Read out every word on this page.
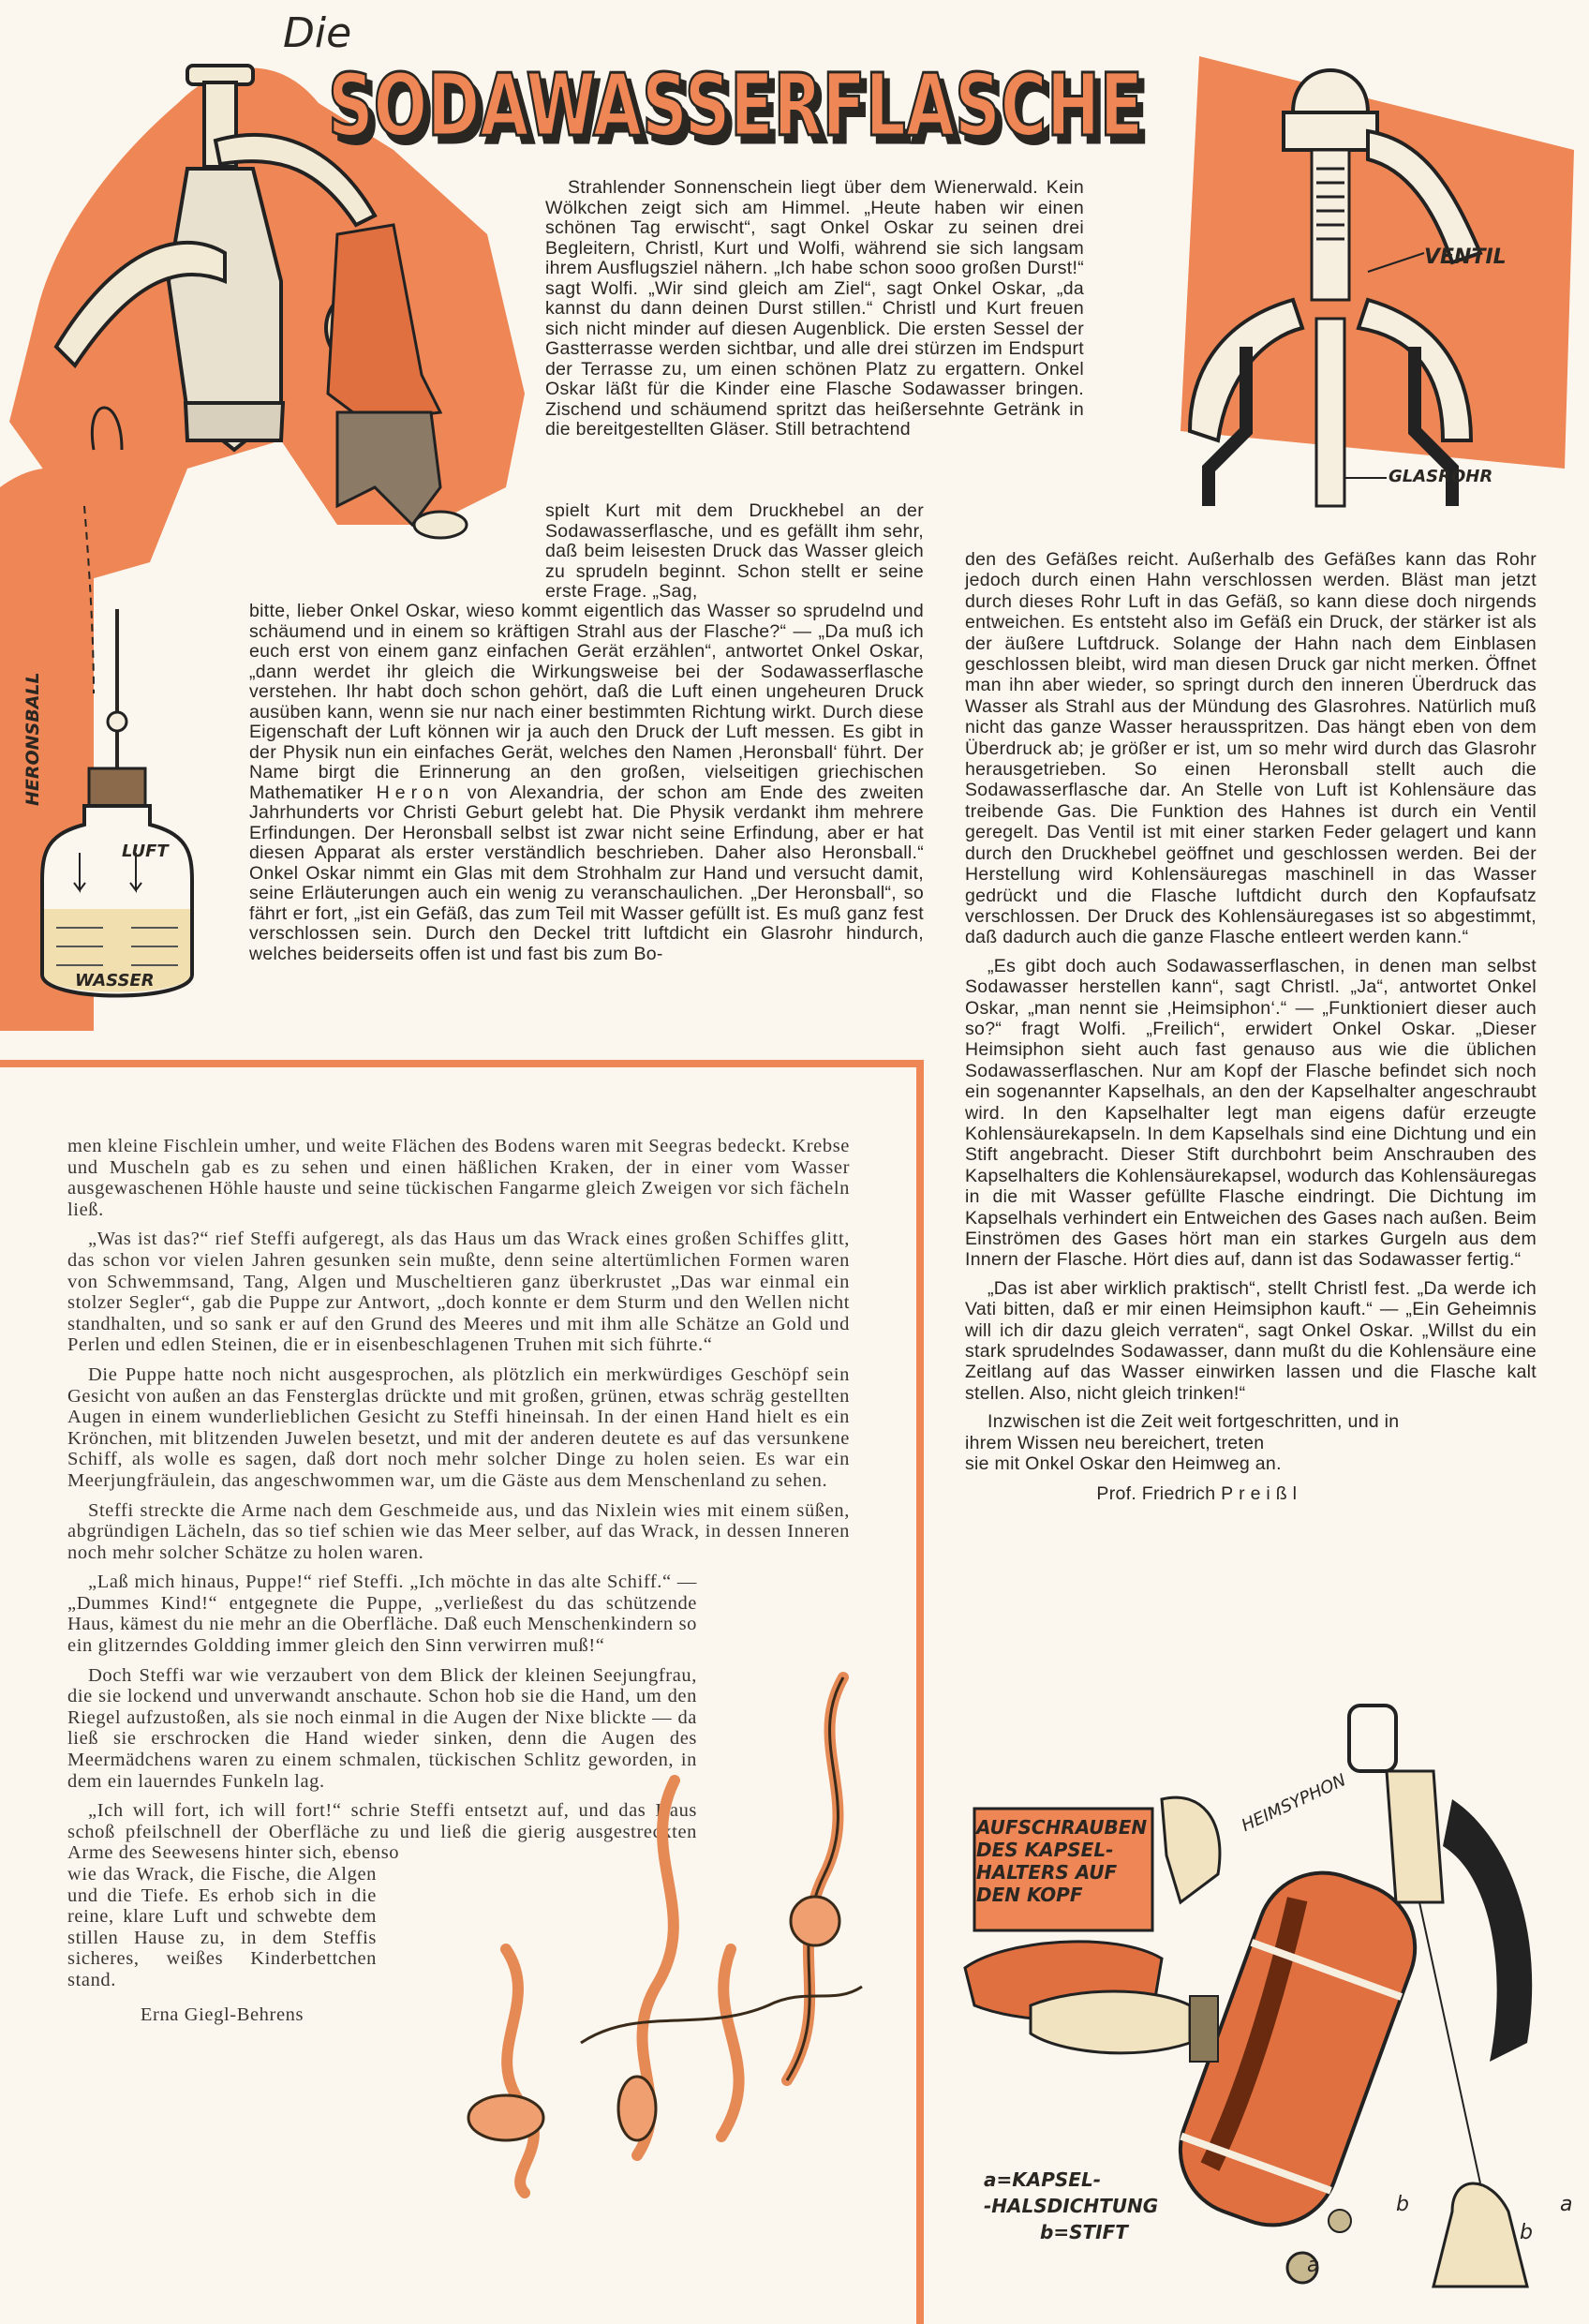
Die
SODAWASSERFLASCHE
VENTIL
GLASROHR
HERONSBALL
LUFT
WASSER

Strahlender Sonnenschein liegt über dem Wienerwald. Kein Wölkchen zeigt sich am Himmel. „Heute haben wir einen schönen Tag erwischt“, sagt Onkel Oskar zu seinen drei Begleitern, Christl, Kurt und Wolfi, während sie sich langsam ihrem Ausflugsziel nähern. „Ich habe schon sooo großen Durst!“ sagt Wolfi. „Wir sind gleich am Ziel“, sagt Onkel Oskar, „da kannst du dann deinen Durst stillen.“ Christl und Kurt freuen sich nicht minder auf diesen Augenblick. Die ersten Sessel der Gastterrasse werden sichtbar, und alle drei stürzen im Endspurt der Terrasse zu, um einen schönen Platz zu ergattern. Onkel Oskar läßt für die Kinder eine Flasche Sodawasser bringen. Zischend und schäumend spritzt das heißersehnte Getränk in die bereitgestellten Gläser. Still betrachtend

spielt Kurt mit dem Druckhebel an der Sodawasserflasche, und es gefällt ihm sehr, daß beim leisesten Druck das Wasser gleich zu sprudeln beginnt. Schon stellt er seine erste Frage. „Sag,

bitte, lieber Onkel Oskar, wieso kommt eigentlich das Wasser so sprudelnd und schäumend und in einem so kräftigen Strahl aus der Flasche?“ — „Da muß ich euch erst von einem ganz einfachen Gerät erzählen“, antwortet Onkel Oskar, „dann werdet ihr gleich die Wirkungsweise bei der Sodawasserflasche verstehen. Ihr habt doch schon gehört, daß die Luft einen ungeheuren Druck ausüben kann, wenn sie nur nach einer bestimmten Richtung wirkt. Durch diese Eigenschaft der Luft können wir ja auch den Druck der Luft messen. Es gibt in der Physik nun ein einfaches Gerät, welches den Namen ‚Heronsball‘ führt. Der Name birgt die Erinnerung an den großen, vielseitigen griechischen Mathematiker Heron von Alexandria, der schon am Ende des zweiten Jahrhunderts vor Christi Geburt gelebt hat. Die Physik verdankt ihm mehrere Erfindungen. Der Heronsball selbst ist zwar nicht seine Erfindung, aber er hat diesen Apparat als erster verständlich beschrieben. Daher also Heronsball.“ Onkel Oskar nimmt ein Glas mit dem Strohhalm zur Hand und versucht damit, seine Erläuterungen auch ein wenig zu veranschaulichen. „Der Heronsball“, so fährt er fort, „ist ein Gefäß, das zum Teil mit Wasser gefüllt ist. Es muß ganz fest verschlossen sein. Durch den Deckel tritt luftdicht ein Glasrohr hindurch, welches beiderseits offen ist und fast bis zum Bo-

den des Gefäßes reicht. Außerhalb des Gefäßes kann das Rohr jedoch durch einen Hahn verschlossen werden. Bläst man jetzt durch dieses Rohr Luft in das Gefäß, so kann diese doch nirgends entweichen. Es entsteht also im Gefäß ein Druck, der stärker ist als der äußere Luftdruck. Solange der Hahn nach dem Einblasen geschlossen bleibt, wird man diesen Druck gar nicht merken. Öffnet man ihn aber wieder, so springt durch den inneren Überdruck das Wasser als Strahl aus der Mündung des Glasrohres. Natürlich muß nicht das ganze Wasser herausspritzen. Das hängt eben von dem Überdruck ab; je größer er ist, um so mehr wird durch das Glasrohr herausgetrieben. So einen Heronsball stellt auch die Sodawasserflasche dar. An Stelle von Luft ist Kohlensäure das treibende Gas. Die Funktion des Hahnes ist durch ein Ventil geregelt. Das Ventil ist mit einer starken Feder gelagert und kann durch den Druckhebel geöffnet und geschlossen werden. Bei der Herstellung wird Kohlensäuregas maschinell in das Wasser gedrückt und die Flasche luftdicht durch den Kopfaufsatz verschlossen. Der Druck des Kohlensäuregases ist so abgestimmt, daß dadurch auch die ganze Flasche entleert werden kann.“

„Es gibt doch auch Sodawasserflaschen, in denen man selbst Sodawasser herstellen kann“, sagt Christl. „Ja“, antwortet Onkel Oskar, „man nennt sie ‚Heimsiphon‘.“ — „Funktioniert dieser auch so?“ fragt Wolfi. „Freilich“, erwidert Onkel Oskar. „Dieser Heimsiphon sieht auch fast genauso aus wie die üblichen Sodawasserflaschen. Nur am Kopf der Flasche befindet sich noch ein sogenannter Kapselhals, an den der Kapselhalter angeschraubt wird. In den Kapselhalter legt man eigens dafür erzeugte Kohlensäurekapseln. In dem Kapselhals sind eine Dichtung und ein Stift angebracht. Dieser Stift durchbohrt beim Anschrauben des Kapselhalters die Kohlensäurekapsel, wodurch das Kohlensäuregas in die mit Wasser gefüllte Flasche eindringt. Die Dichtung im Kapselhals verhindert ein Entweichen des Gases nach außen. Beim Einströmen des Gases hört man ein starkes Gurgeln aus dem Innern der Flasche. Hört dies auf, dann ist das Sodawasser fertig.“

„Das ist aber wirklich praktisch“, stellt Christl fest. „Da werde ich Vati bitten, daß er mir einen Heimsiphon kauft.“ — „Ein Geheimnis will ich dir dazu gleich verraten“, sagt Onkel Oskar. „Willst du ein stark sprudelndes Sodawasser, dann mußt du die Kohlensäure eine Zeitlang auf das Wasser einwirken lassen und die Flasche kalt stellen. Also, nicht gleich trinken!“

Inzwischen ist die Zeit weit fortgeschritten, und in

ihrem Wissen neu bereichert, treten sie mit Onkel Oskar den Heimweg an.

Prof. Friedrich Preißl

men kleine Fischlein umher, und weite Flächen des Bodens waren mit Seegras bedeckt. Krebse und Muscheln gab es zu sehen und einen häßlichen Kraken, der in einer vom Wasser ausgewaschenen Höhle hauste und seine tückischen Fangarme gleich Zweigen vor sich fächeln ließ.

„Was ist das?“ rief Steffi aufgeregt, als das Haus um das Wrack eines großen Schiffes glitt, das schon vor vielen Jahren gesunken sein mußte, denn seine altertümlichen Formen waren von Schwemmsand, Tang, Algen und Muscheltieren ganz überkrustet „Das war einmal ein stolzer Segler“, gab die Puppe zur Antwort, „doch konnte er dem Sturm und den Wellen nicht standhalten, und so sank er auf den Grund des Meeres und mit ihm alle Schätze an Gold und Perlen und edlen Steinen, die er in eisenbeschlagenen Truhen mit sich führte.“

Die Puppe hatte noch nicht ausgesprochen, als plötzlich ein merkwürdiges Geschöpf sein Gesicht von außen an das Fensterglas drückte und mit großen, grünen, etwas schräg gestellten Augen in einem wunderlieblichen Gesicht zu Steffi hineinsah. In der einen Hand hielt es ein Krönchen, mit blitzenden Juwelen besetzt, und mit der anderen deutete es auf das versunkene Schiff, als wolle es sagen, daß dort noch mehr solcher Dinge zu holen seien. Es war ein Meerjungfräulein, das angeschwommen war, um die Gäste aus dem Menschenland zu sehen.

Steffi streckte die Arme nach dem Geschmeide aus, und das Nixlein wies mit einem süßen, abgründigen Lächeln, das so tief schien wie das Meer selber, auf das Wrack, in dessen Inneren noch mehr solcher Schätze zu holen waren.

„Laß mich hinaus, Puppe!“ rief Steffi. „Ich möchte in das alte Schiff.“ — „Dummes Kind!“ entgegnete die Puppe, „verließest du das schützende Haus, kämest du nie mehr an die Oberfläche. Daß euch Menschenkindern so ein glitzerndes Goldding immer gleich den Sinn verwirren muß!“

Doch Steffi war wie verzaubert von dem Blick der kleinen Seejungfrau, die sie lockend und unverwandt anschaute. Schon hob sie die Hand, um den Riegel aufzustoßen, als sie noch einmal in die Augen der Nixe blickte — da ließ sie erschrocken die Hand wieder sinken, denn die Augen des Meermädchens waren zu einem schmalen, tückischen Schlitz geworden, in dem ein lauerndes Funkeln lag.

„Ich will fort, ich will fort!“ schrie Steffi entsetzt auf, und das Haus schoß pfeilschnell der Oberfläche zu und ließ die gierig ausgestreckten Arme des Seewesens hinter sich, ebenso

wie das Wrack, die Fische, die Algen und die Tiefe. Es erhob sich in die reine, klare Luft und schwebte dem stillen Hause zu, in dem Steffis sicheres, weißes Kinderbettchen stand.

Erna Giegl-Behrens
AUFSCHRAUBEN
DES KAPSEL-
HALTERS AUF
DEN KOPF
HEIMSYPHON
a=KAPSEL-
-HALSDICHTUNG
b=STIFT
a
a
b
b
